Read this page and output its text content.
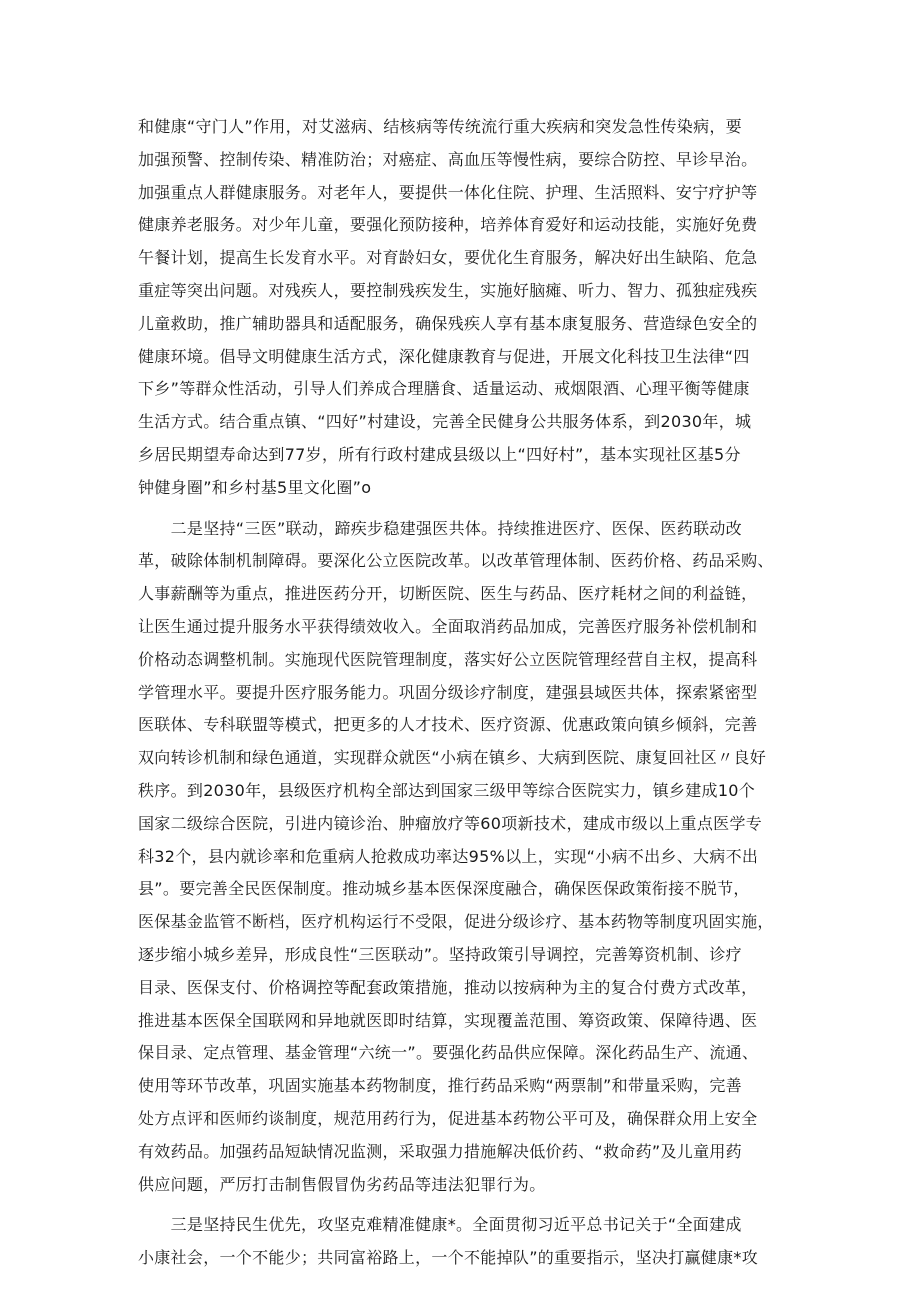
和健康“守门人”作用，对艾滋病、结核病等传统流行重大疾病和突发急性传染病，要
加强预警、控制传染、精准防治；对癌症、高血压等慢性病，要综合防控、早诊早治。
加强重点人群健康服务。对老年人，要提供一体化住院、护理、生活照料、安宁疗护等
健康养老服务。对少年儿童，要强化预防接种，培养体育爱好和运动技能，实施好免费
午餐计划，提高生长发育水平。对育龄妇女，要优化生育服务，解决好出生缺陷、危急
重症等突出问题。对残疾人，要控制残疾发生，实施好脑瘫、听力、智力、孤独症残疾
儿童救助，推广辅助器具和适配服务，确保残疾人享有基本康复服务、营造绿色安全的
健康环境。倡导文明健康生活方式，深化健康教育与促进，开展文化科技卫生法律“四
下乡”等群众性活动，引导人们养成合理膳食、适量运动、戒烟限酒、心理平衡等健康
生活方式。结合重点镇、“四好”村建设，完善全民健身公共服务体系，到2030年，城
乡居民期望寿命达到77岁，所有行政村建成县级以上“四好村”，基本实现社区基5分
钟健身圈”和乡村基5里文化圈”o
　　二是坚持“三医”联动，蹄疾步稳建强医共体。持续推进医疗、医保、医药联动改
革，破除体制机制障碍。要深化公立医院改革。以改革管理体制、医药价格、药品采购、
人事薪酬等为重点，推进医药分开，切断医院、医生与药品、医疗耗材之间的利益链，
让医生通过提升服务水平获得绩效收入。全面取消药品加成，完善医疗服务补偿机制和
价格动态调整机制。实施现代医院管理制度，落实好公立医院管理经营自主权，提高科
学管理水平。要提升医疗服务能力。巩固分级诊疗制度，建强县域医共体，探索紧密型
医联体、专科联盟等模式，把更多的人才技术、医疗资源、优惠政策向镇乡倾斜，完善
双向转诊机制和绿色通道，实现群众就医“小病在镇乡、大病到医院、康复回社区〃良好
秩序。到2030年，县级医疗机构全部达到国家三级甲等综合医院实力，镇乡建成10个
国家二级综合医院，引进内镜诊治、肿瘤放疗等60项新技术，建成市级以上重点医学专
科32个，县内就诊率和危重病人抢救成功率达95%以上，实现“小病不出乡、大病不出
县”。要完善全民医保制度。推动城乡基本医保深度融合，确保医保政策衔接不脱节，
医保基金监管不断档，医疗机构运行不受限，促进分级诊疗、基本药物等制度巩固实施，
逐步缩小城乡差异，形成良性“三医联动”。坚持政策引导调控，完善筹资机制、诊疗
目录、医保支付、价格调控等配套政策措施，推动以按病种为主的复合付费方式改革，
推进基本医保全国联网和异地就医即时结算，实现覆盖范围、筹资政策、保障待遇、医
保目录、定点管理、基金管理“六统一”。要强化药品供应保障。深化药品生产、流通、
使用等环节改革，巩固实施基本药物制度，推行药品采购“两票制”和带量采购，完善
处方点评和医师约谈制度，规范用药行为，促进基本药物公平可及，确保群众用上安全
有效药品。加强药品短缺情况监测，采取强力措施解决低价药、“救命药”及儿童用药
供应问题，严厉打击制售假冒伪劣药品等违法犯罪行为。
　　三是坚持民生优先，攻坚克难精准健康*。全面贯彻习近平总书记关于“全面建成
小康社会，一个不能少；共同富裕路上，一个不能掉队”的重要指示，坚决打赢健康*攻
